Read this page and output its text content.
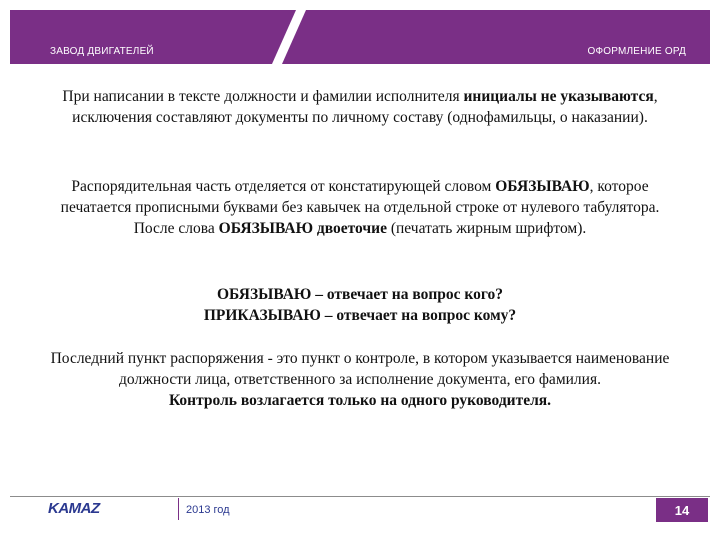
ЗАВОД ДВИГАТЕЛЕЙ	ОФОРМЛЕНИЕ ОРД

При написании в тексте должности и фамилии исполнителя инициалы не указываются, исключения составляют документы по личному составу (однофамильцы, о наказании).

Распорядительная часть отделяется от констатирующей словом ОБЯЗЫВАЮ, которое печатается прописными буквами без кавычек на отдельной строке от нулевого табулятора.
После слова ОБЯЗЫВАЮ двоеточие (печатать жирным шрифтом).

ОБЯЗЫВАЮ – отвечает на вопрос кого?
ПРИКАЗЫВАЮ – отвечает на вопрос кому?

Последний пункт распоряжения - это пункт о контроле, в котором указывается наименование должности лица, ответственного за исполнение документа, его фамилия.
Контроль возлагается только на одного руководителя.

KAMAZ	2013 год	14
